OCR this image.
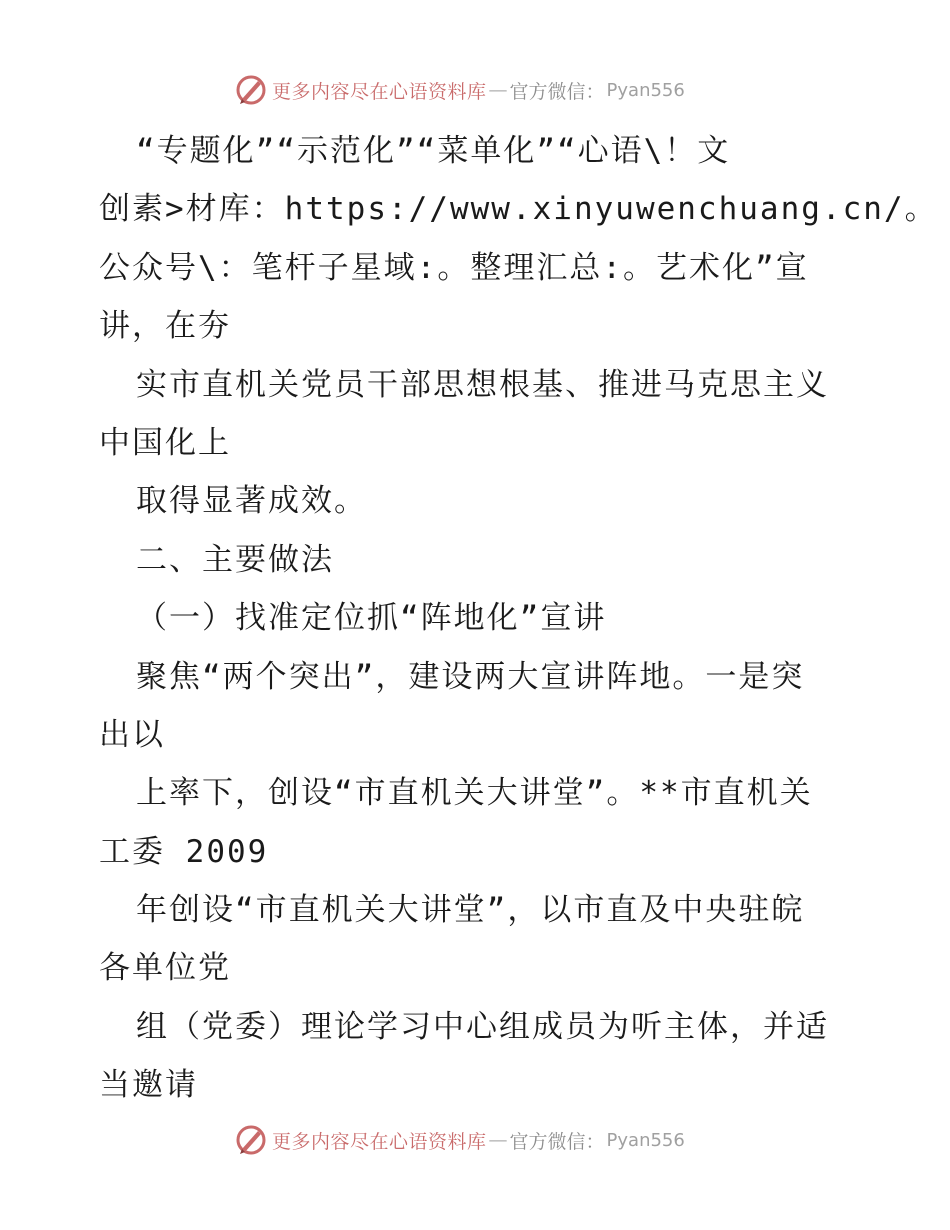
更多内容尽在心语资料库 — 官方微信： Pyan556
“专题化”“示范化”“菜单化”“心语\！文
创素>材库：https://www.xinyuwenchuang.cn/。
公众号\：笔杆子星域:。整理汇总:。艺术化”宣
讲，在夯
实市直机关党员干部思想根基、推进马克思主义
中国化上
取得显著成效。
二、主要做法
（一）找准定位抓“阵地化”宣讲
聚焦“两个突出”，建设两大宣讲阵地。一是突
出以
上率下，创设“市直机关大讲堂”。**市直机关
工委 2009
年创设“市直机关大讲堂”，以市直及中央驻皖
各单位党
组（党委）理论学习中心组成员为听主体，并适
当邀请
更多内容尽在心语资料库 — 官方微信： Pyan556
